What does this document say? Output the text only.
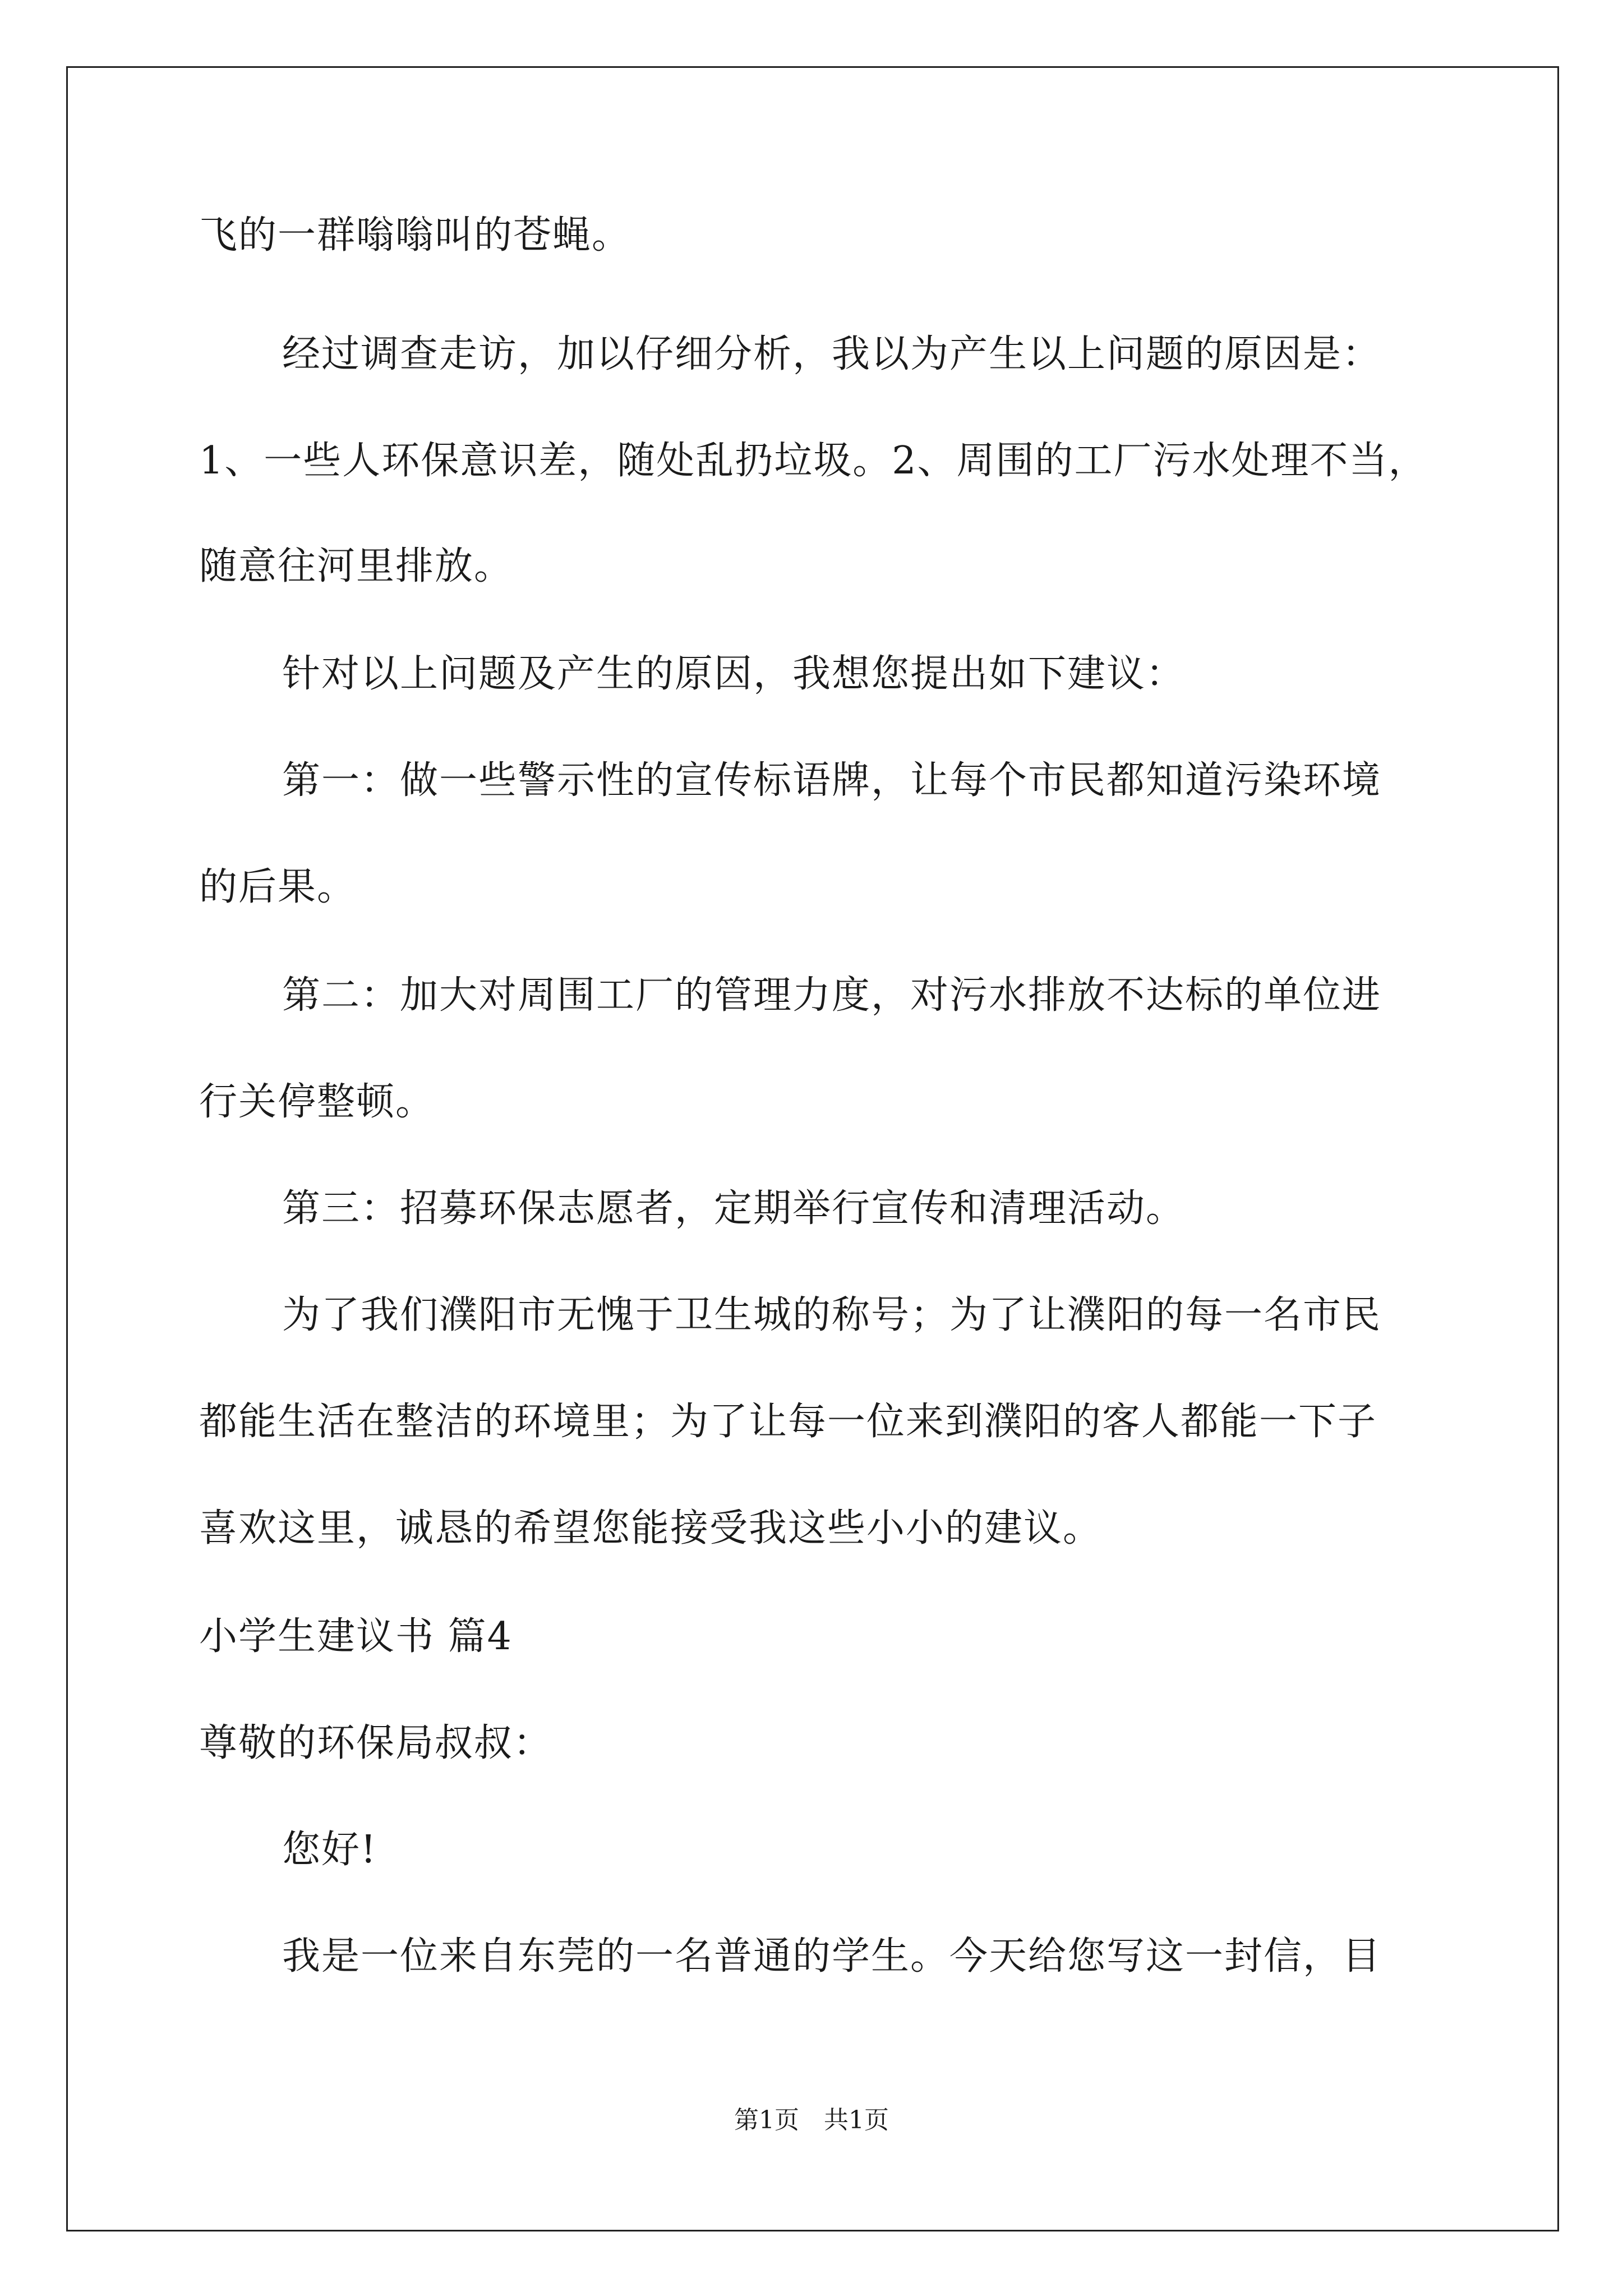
飞的一群嗡嗡叫的苍蝇。
经过调查走访，加以仔细分析，我以为产生以上问题的原因是：
1、一些人环保意识差，随处乱扔垃圾。2、周围的工厂污水处理不当，
随意往河里排放。
针对以上问题及产生的原因，我想您提出如下建议：
第一：做一些警示性的宣传标语牌，让每个市民都知道污染环境
的后果。
第二：加大对周围工厂的管理力度，对污水排放不达标的单位进
行关停整顿。
第三：招募环保志愿者，定期举行宣传和清理活动。
为了我们濮阳市无愧于卫生城的称号；为了让濮阳的每一名市民
都能生活在整洁的环境里；为了让每一位来到濮阳的客人都能一下子
喜欢这里，诚恳的希望您能接受我这些小小的建议。
小学生建议书 篇4
尊敬的环保局叔叔：
您好!
我是一位来自东莞的一名普通的学生。今天给您写这一封信，目
第1页　共1页
